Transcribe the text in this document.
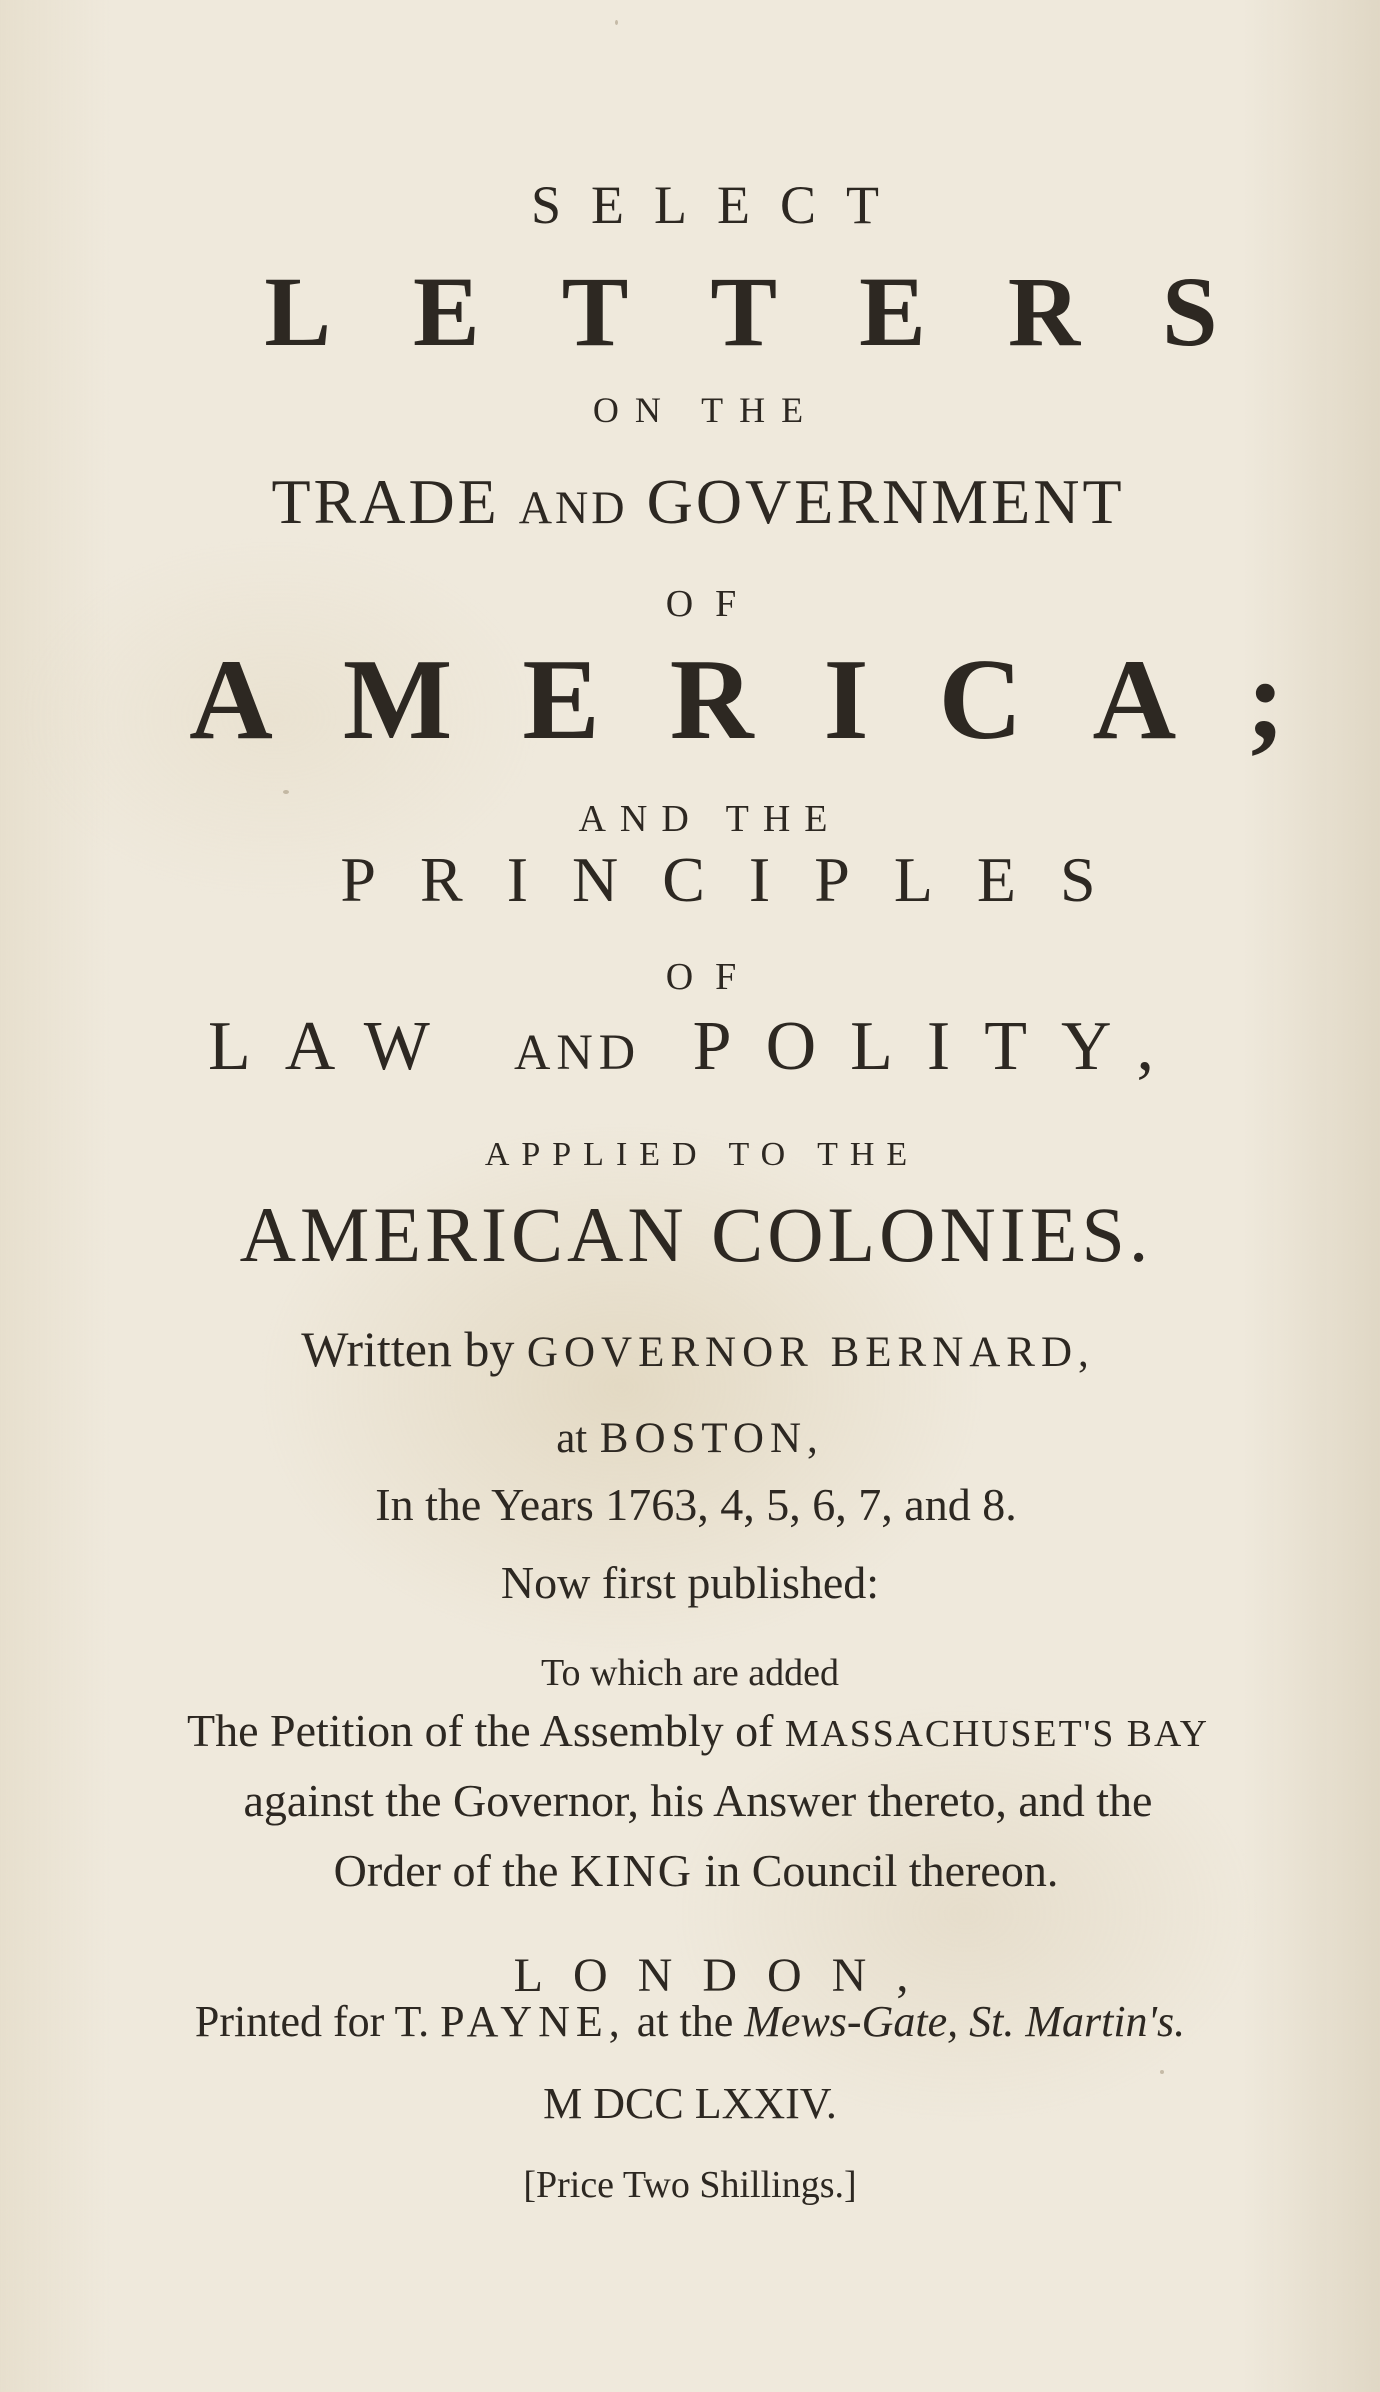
SELECT
LETTERS
ON THE
TRADE AND GOVERNMENT
OF
AMERICA;
AND THE
PRINCIPLES
OF
LAW AND POLITY,
APPLIED TO THE
AMERICAN COLONIES.
Written by GOVERNOR BERNARD,
at BOSTON,
In the Years 1763, 4, 5, 6, 7, and 8.
Now first published:
To which are added
The Petition of the Assembly of MASSACHUSET'S BAY
against the Governor, his Answer thereto, and the
Order of the KING in Council thereon.
LONDON,
Printed for T. PAYNE, at the Mews-Gate, St. Martin's.
M DCC LXXIV.
[Price Two Shillings.]
